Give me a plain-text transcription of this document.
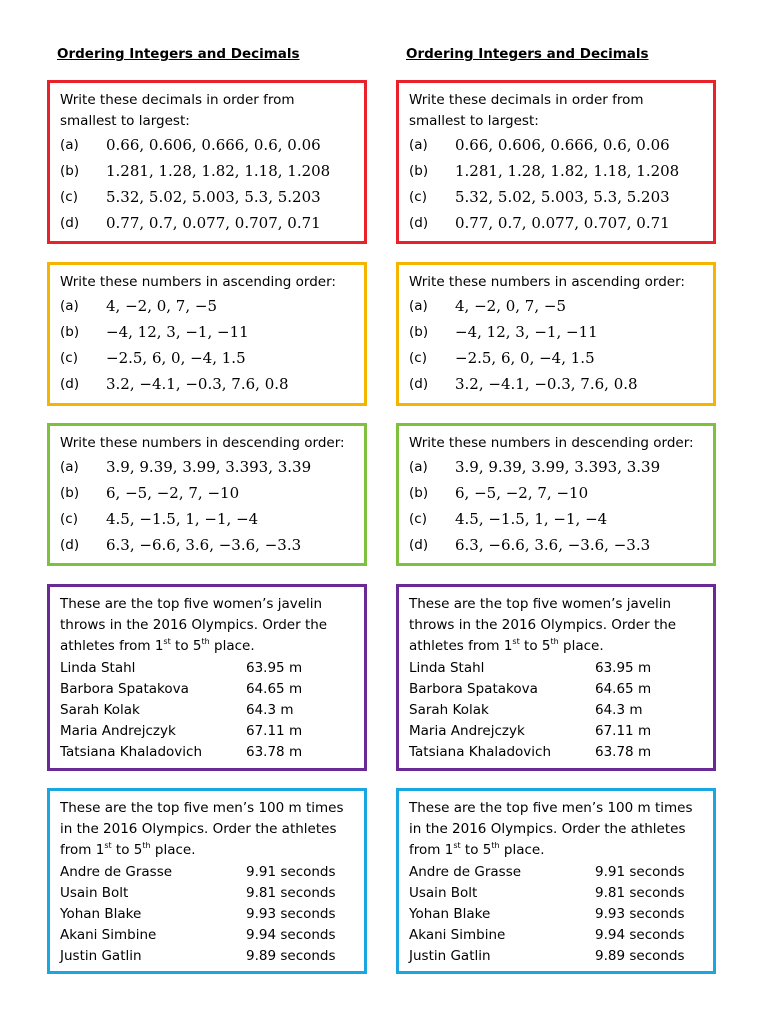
Ordering Integers and Decimals
Write these decimals in order from smallest to largest:
(a)	0.66, 0.606, 0.666, 0.6, 0.06
(b)	1.281, 1.28, 1.82, 1.18, 1.208
(c)	5.32, 5.02, 5.003, 5.3, 5.203
(d)	0.77, 0.7, 0.077, 0.707, 0.71
Write these numbers in ascending order:
(a)	4, −2, 0, 7, −5
(b)	−4, 12, 3, −1, −11
(c)	−2.5, 6, 0, −4, 1.5
(d)	3.2, −4.1, −0.3, 7.6, 0.8
Write these numbers in descending order:
(a)	3.9, 9.39, 3.99, 3.393, 3.39
(b)	6, −5, −2, 7, −10
(c)	4.5, −1.5, 1, −1, −4
(d)	6.3, −6.6, 3.6, −3.6, −3.3
These are the top five women’s javelin throws in the 2016 Olympics. Order the athletes from 1st to 5th place.
Linda Stahl	63.95 m
Barbora Spatakova	64.65 m
Sarah Kolak	64.3 m
Maria Andrejczyk	67.11 m
Tatsiana Khaladovich	63.78 m
These are the top five men’s 100 m times in the 2016 Olympics. Order the athletes from 1st to 5th place.
Andre de Grasse	9.91 seconds
Usain Bolt	9.81 seconds
Yohan Blake	9.93 seconds
Akani Simbine	9.94 seconds
Justin Gatlin	9.89 seconds
Ordering Integers and Decimals
Write these decimals in order from smallest to largest:
(a)	0.66, 0.606, 0.666, 0.6, 0.06
(b)	1.281, 1.28, 1.82, 1.18, 1.208
(c)	5.32, 5.02, 5.003, 5.3, 5.203
(d)	0.77, 0.7, 0.077, 0.707, 0.71
Write these numbers in ascending order:
(a)	4, −2, 0, 7, −5
(b)	−4, 12, 3, −1, −11
(c)	−2.5, 6, 0, −4, 1.5
(d)	3.2, −4.1, −0.3, 7.6, 0.8
Write these numbers in descending order:
(a)	3.9, 9.39, 3.99, 3.393, 3.39
(b)	6, −5, −2, 7, −10
(c)	4.5, −1.5, 1, −1, −4
(d)	6.3, −6.6, 3.6, −3.6, −3.3
These are the top five women’s javelin throws in the 2016 Olympics. Order the athletes from 1st to 5th place.
Linda Stahl	63.95 m
Barbora Spatakova	64.65 m
Sarah Kolak	64.3 m
Maria Andrejczyk	67.11 m
Tatsiana Khaladovich	63.78 m
These are the top five men’s 100 m times in the 2016 Olympics. Order the athletes from 1st to 5th place.
Andre de Grasse	9.91 seconds
Usain Bolt	9.81 seconds
Yohan Blake	9.93 seconds
Akani Simbine	9.94 seconds
Justin Gatlin	9.89 seconds
